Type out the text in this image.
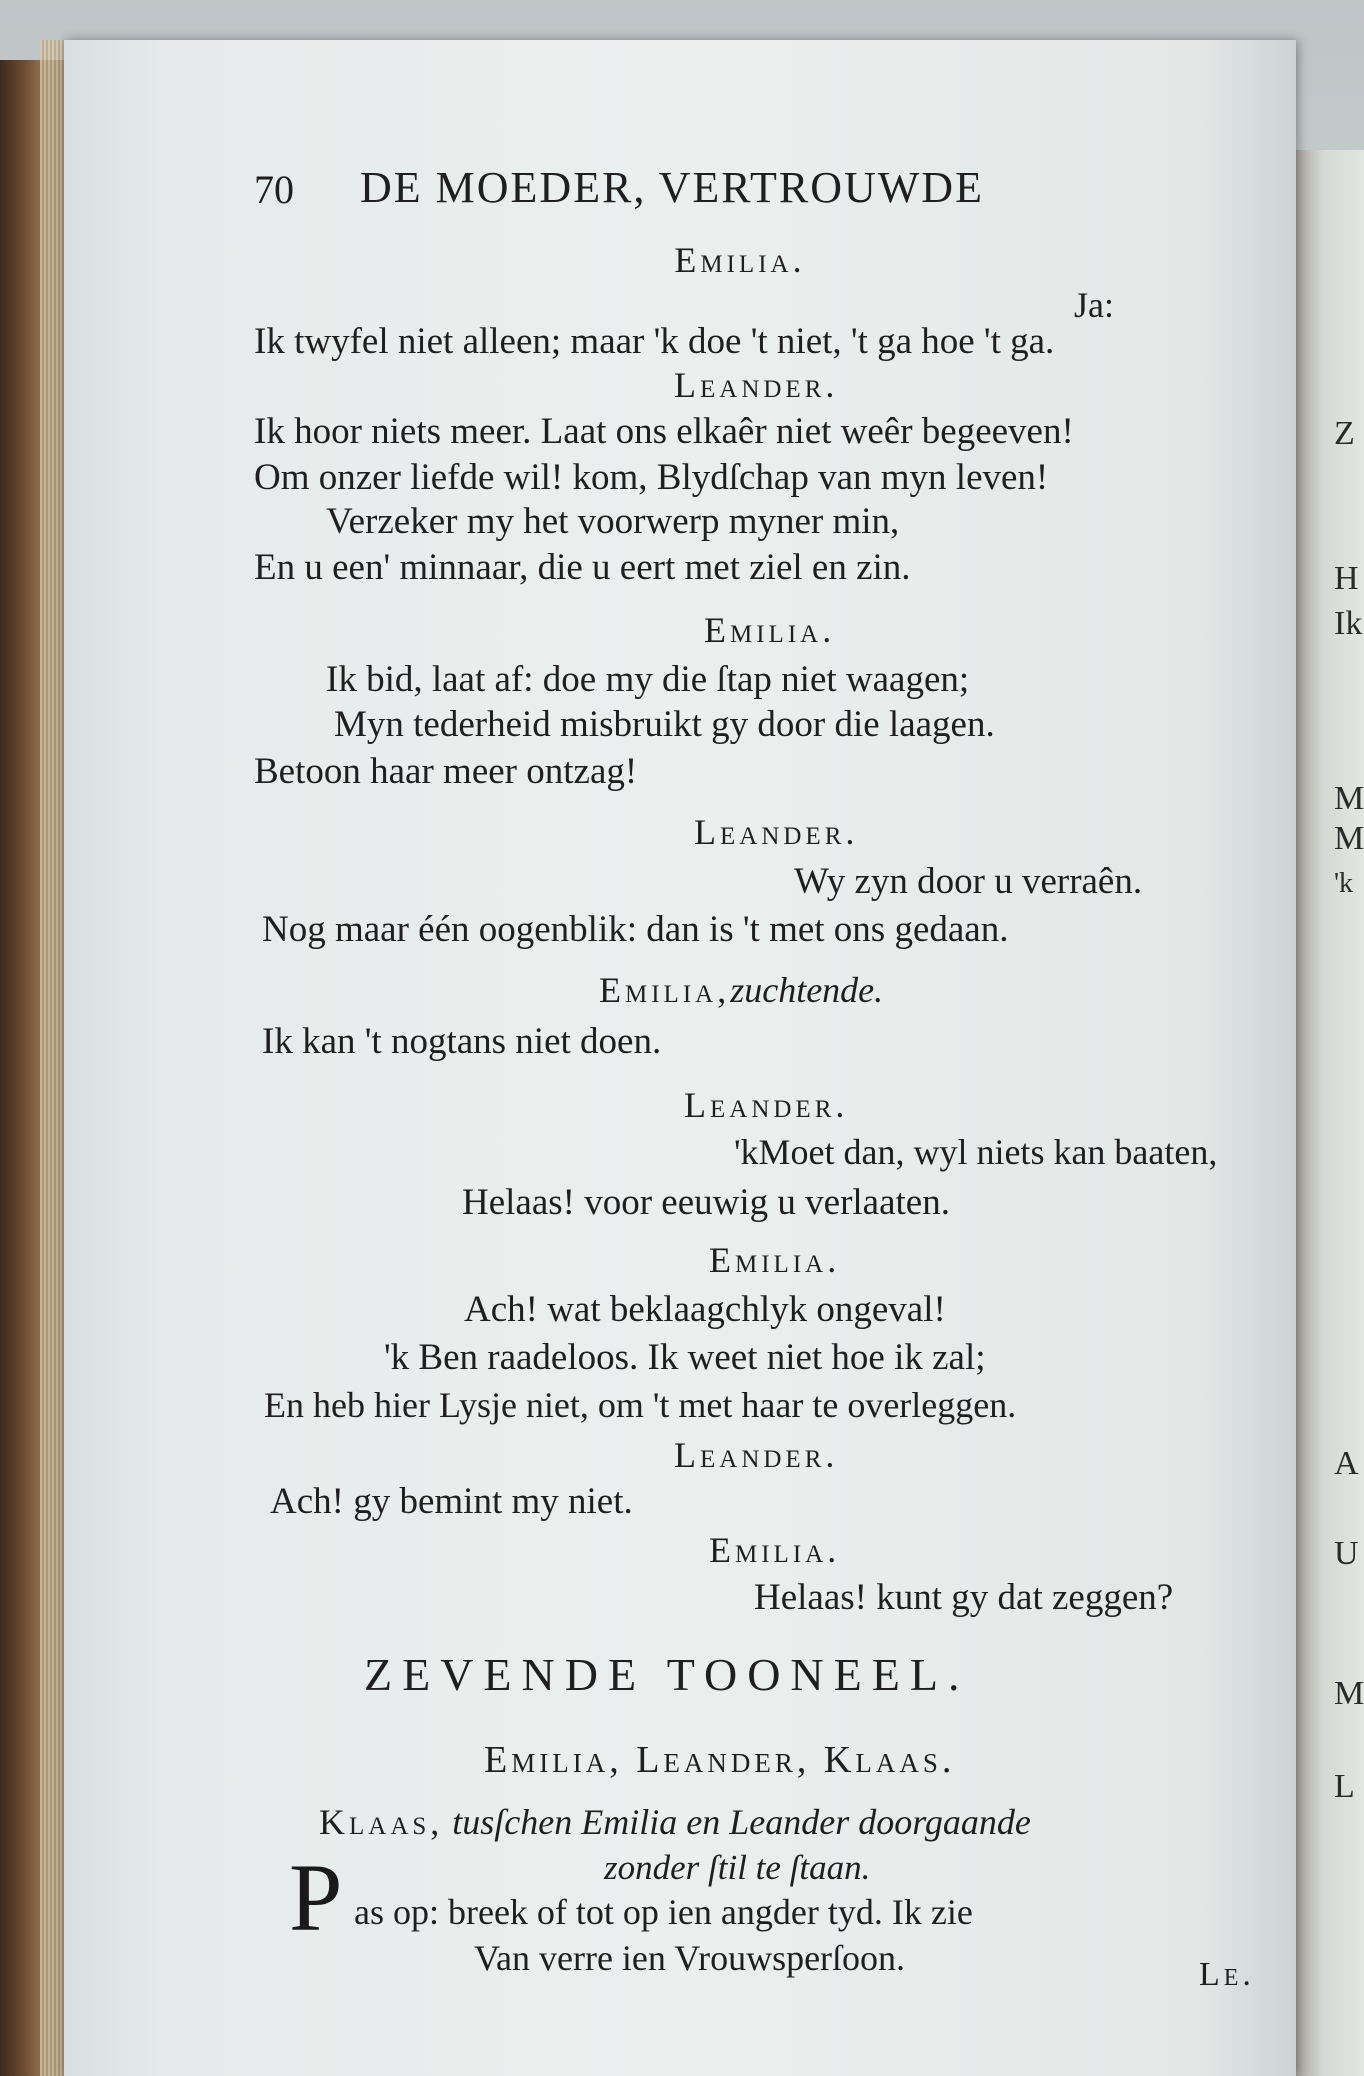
Z
H
Ik
M
M
'k
A
U
M
L
70 DE MOEDER, VERTROUWDE
Emilia.
Ik twyfel niet alleen; maar 'k doe 't niet, 't ga hoe 't ga.
Ja:
Leander.
Ik hoor niets meer. Laat ons elkaêr niet weêr begeeven!
Om onzer liefde wil! kom, Blydſchap van myn leven!
Verzeker my het voorwerp myner min,
En u een' minnaar, die u eert met ziel en zin.
Emilia.
Ik bid, laat af: doe my die ſtap niet waagen;
Myn tederheid misbruikt gy door die laagen.
Betoon haar meer ontzag!
Leander.
Wy zyn door u verraên.
Nog maar één oogenblik: dan is 't met ons gedaan.
Emilia,zuchtende.
Ik kan 't nogtans niet doen.
Leander.
'kMoet dan, wyl niets kan baaten,
Helaas! voor eeuwig u verlaaten.
Emilia.
Ach! wat beklaagchlyk ongeval!
'k Ben raadeloos. Ik weet niet hoe ik zal;
En heb hier Lysje niet, om 't met haar te overleggen.
Leander.
Ach! gy bemint my niet.
Emilia.
Helaas! kunt gy dat zeggen?
ZEVENDE TOONEEL.
Emilia, Leander, Klaas.
Klaas, tusſchen Emilia en Leander doorgaande
zonder ſtil te ſtaan.
P as op: breek of tot op ien angder tyd. Ik zie
Van verre ien Vrouwsperſoon.	Le.
